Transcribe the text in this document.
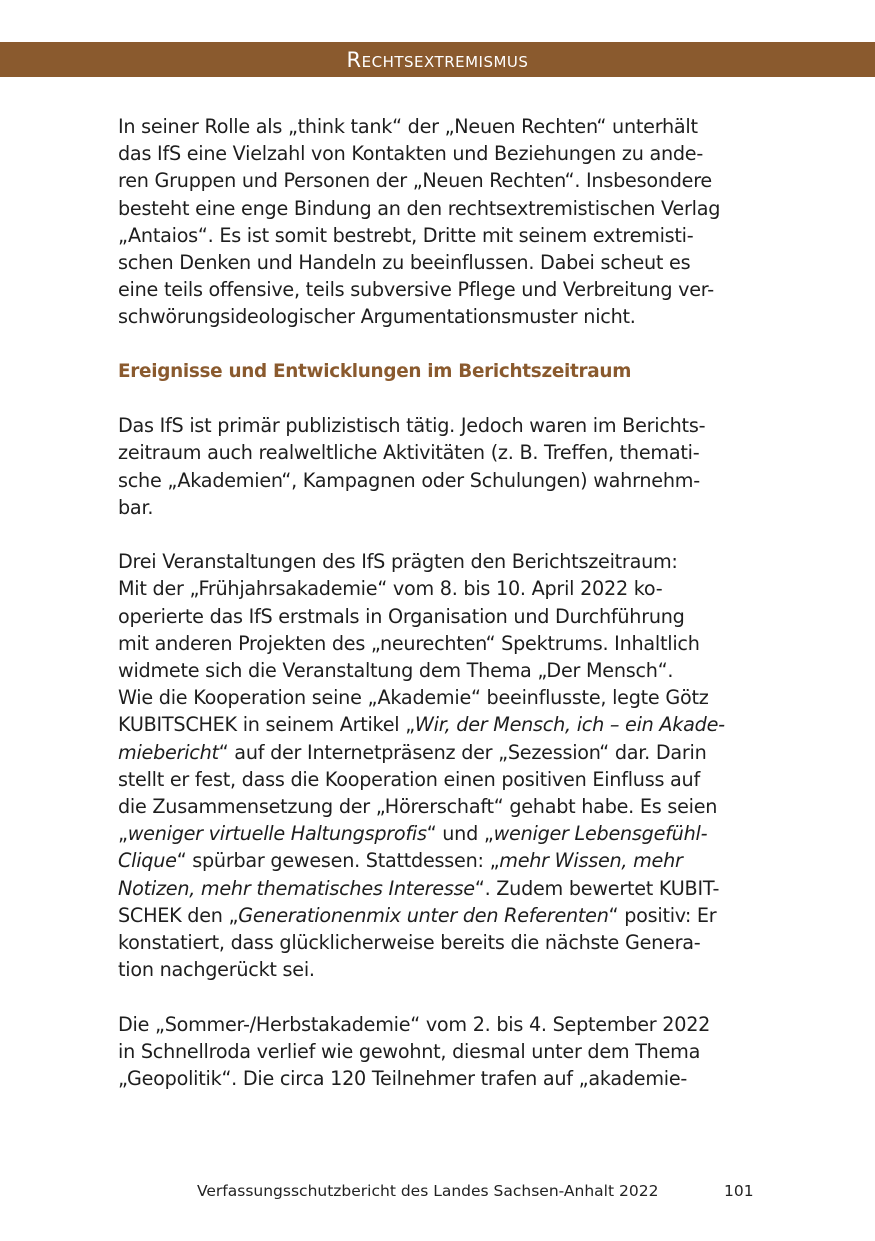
Rechtsextremismus

In seiner Rolle als „think tank“ der „Neuen Rechten“ unterhält
das IfS eine Vielzahl von Kontakten und Beziehungen zu ande-
ren Gruppen und Personen der „Neuen Rechten“. Insbesondere
besteht eine enge Bindung an den rechtsextremistischen Verlag
„Antaios“. Es ist somit bestrebt, Dritte mit seinem extremisti-
schen Denken und Handeln zu beeinflussen. Dabei scheut es
eine teils offensive, teils subversive Pflege und Verbreitung ver-
schwörungsideologischer Argumentationsmuster nicht.

Ereignisse und Entwicklungen im Berichtszeitraum

Das IfS ist primär publizistisch tätig. Jedoch waren im Berichts-
zeitraum auch realweltliche Aktivitäten (z. B. Treffen, themati-
sche „Akademien“, Kampagnen oder Schulungen) wahrnehm-
bar.

Drei Veranstaltungen des IfS prägten den Berichtszeitraum:
Mit der „Frühjahrsakademie“ vom 8. bis 10. April 2022 ko-
operierte das IfS erstmals in Organisation und Durchführung
mit anderen Projekten des „neurechten“ Spektrums. Inhaltlich
widmete sich die Veranstaltung dem Thema „Der Mensch“.
Wie die Kooperation seine „Akademie“ beeinflusste, legte Götz
KUBITSCHEK in seinem Artikel „Wir, der Mensch, ich – ein Akade-
miebericht“ auf der Internetpräsenz der „Sezession“ dar. Darin
stellt er fest, dass die Kooperation einen positiven Einfluss auf
die Zusammensetzung der „Hörerschaft“ gehabt habe. Es seien
„weniger virtuelle Haltungsprofis“ und „weniger Lebensgefühl-
Clique“ spürbar gewesen. Stattdessen: „mehr Wissen, mehr
Notizen, mehr thematisches Interesse“. Zudem bewertet KUBIT-
SCHEK den „Generationenmix unter den Referenten“ positiv: Er
konstatiert, dass glücklicherweise bereits die nächste Genera-
tion nachgerückt sei.

Die „Sommer-/Herbstakademie“ vom 2. bis 4. September 2022
in Schnellroda verlief wie gewohnt, diesmal unter dem Thema
„Geopolitik“. Die circa 120 Teilnehmer trafen auf „akademie-

Verfassungsschutzbericht des Landes Sachsen-Anhalt 2022	101
